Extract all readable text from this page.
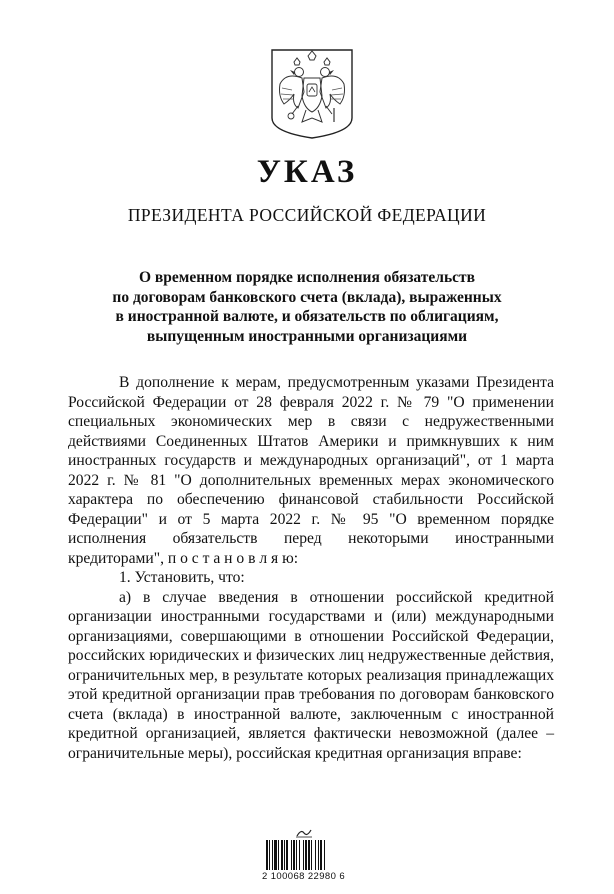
УКАЗ
ПРЕЗИДЕНТА РОССИЙСКОЙ ФЕДЕРАЦИИ
О временном порядке исполнения обязательств
по договорам банковского счета (вклада), выраженных
в иностранной валюте, и обязательств по облигациям,
выпущенным иностранными организациями

В дополнение к мерам, предусмотренным указами Президента Российской Федерации от 28 февраля 2022 г. № 79 "О применении специальных экономических мер в связи с недружественными действиями Соединенных Штатов Америки и примкнувших к ним иностранных государств и международных организаций", от 1 марта 2022 г. № 81 "О дополнительных временных мерах экономического характера по обеспечению финансовой стабильности Российской Федерации" и от 5 марта 2022 г. № 95 "О временном порядке исполнения обязательств перед некоторыми иностранными кредиторами", п о с т а н о в л я ю:

1. Установить, что:

а) в случае введения в отношении российской кредитной организации иностранными государствами и (или) международными организациями, совершающими в отношении Российской Федерации, российских юридических и физических лиц недружественные действия, ограничительных мер, в результате которых реализация принадлежащих этой кредитной организации прав требования по договорам банковского счета (вклада) в иностранной валюте, заключенным с иностранной кредитной организацией, является фактически невозможной (далее – ограничительные меры), российская кредитная организация вправе:

2 100068 22980 6
